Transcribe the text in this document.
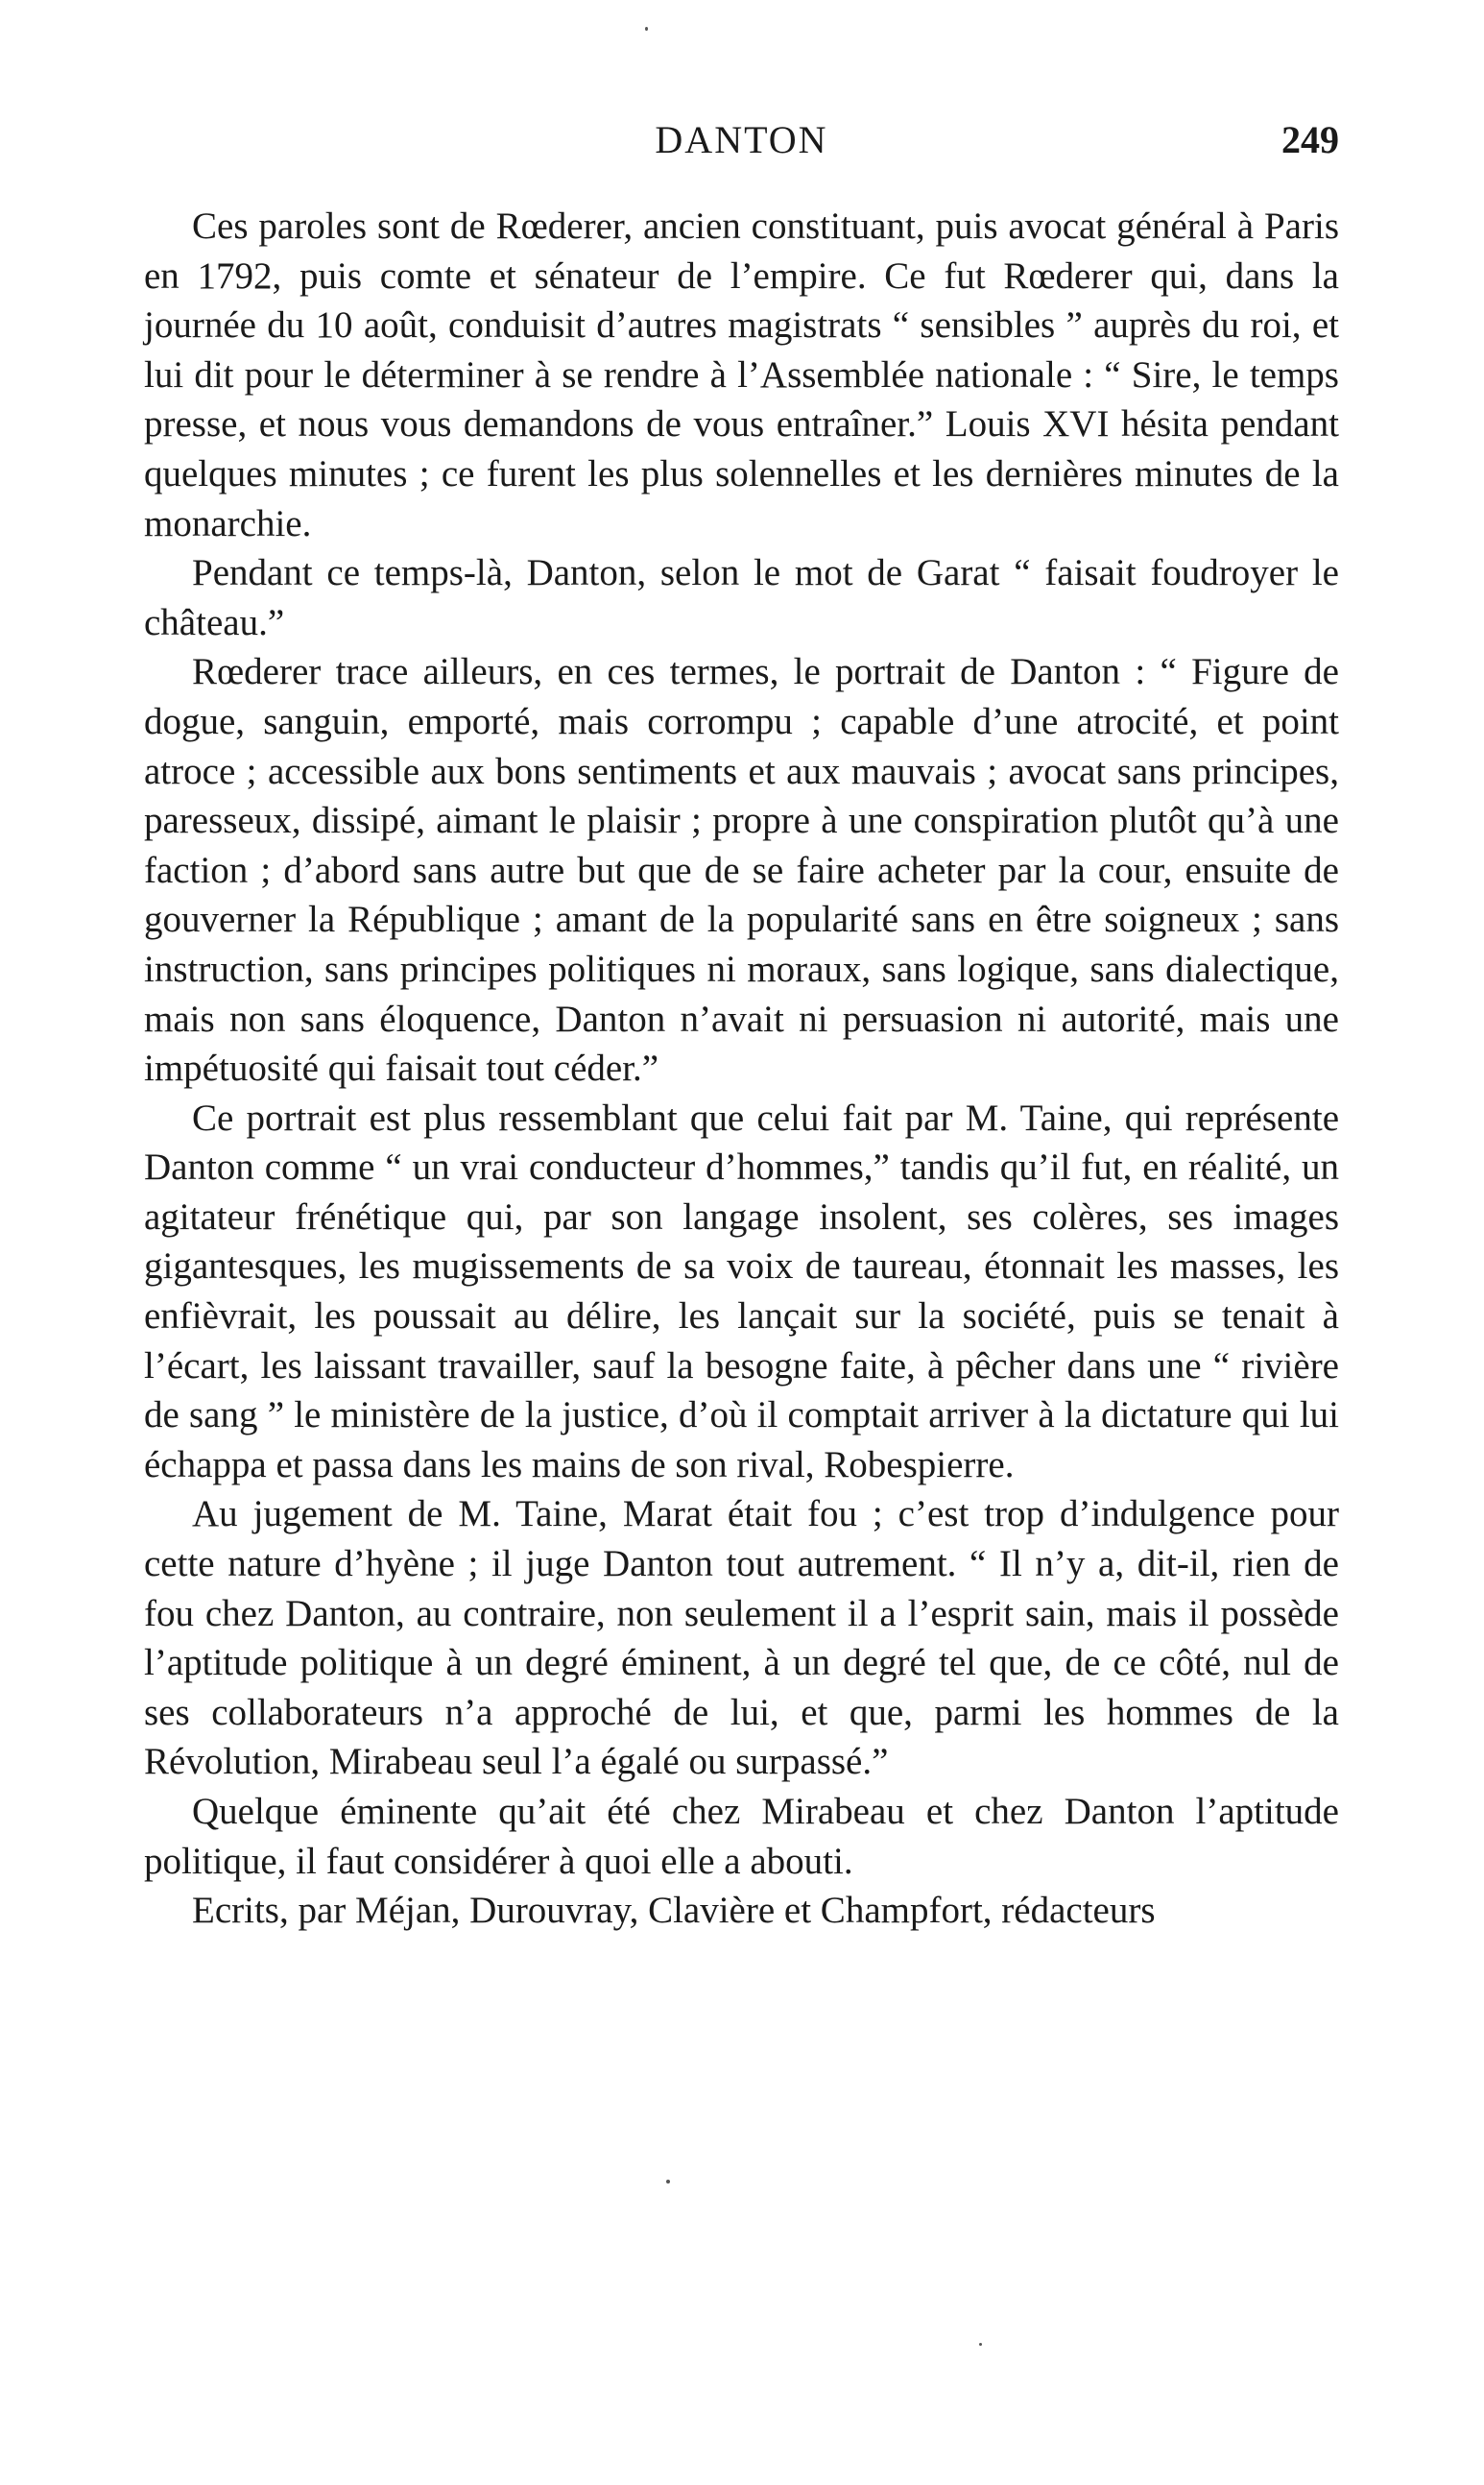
DANTON	249

Ces paroles sont de Rœderer, ancien constituant, puis avocat général à Paris en 1792, puis comte et sénateur de l’empire. Ce fut Rœderer qui, dans la journée du 10 août, conduisit d’autres magistrats “ sensibles ” auprès du roi, et lui dit pour le déterminer à se rendre à l’Assemblée nationale : “ Sire, le temps presse, et nous vous demandons de vous entraîner.” Louis XVI hésita pendant quelques minutes ; ce furent les plus solennelles et les dernières minutes de la monarchie.

Pendant ce temps-là, Danton, selon le mot de Garat “ faisait foudroyer le château.”

Rœderer trace ailleurs, en ces termes, le portrait de Danton : “ Figure de dogue, sanguin, emporté, mais corrompu ; capable d’une atrocité, et point atroce ; accessible aux bons sentiments et aux mauvais ; avocat sans principes, paresseux, dissipé, aimant le plaisir ; propre à une conspiration plutôt qu’à une faction ; d’abord sans autre but que de se faire acheter par la cour, ensuite de gouverner la République ; amant de la popularité sans en être soigneux ; sans instruction, sans principes politiques ni moraux, sans logique, sans dialectique, mais non sans éloquence, Danton n’avait ni persuasion ni autorité, mais une impétuosité qui faisait tout céder.”

Ce portrait est plus ressemblant que celui fait par M. Taine, qui représente Danton comme “ un vrai conducteur d’hommes,” tandis qu’il fut, en réalité, un agitateur frénétique qui, par son langage insolent, ses colères, ses images gigantesques, les mugissements de sa voix de taureau, étonnait les masses, les enfièvrait, les poussait au délire, les lançait sur la société, puis se tenait à l’écart, les laissant travailler, sauf la besogne faite, à pêcher dans une “ rivière de sang ” le ministère de la justice, d’où il comptait arriver à la dictature qui lui échappa et passa dans les mains de son rival, Robespierre.

Au jugement de M. Taine, Marat était fou ; c’est trop d’indulgence pour cette nature d’hyène ; il juge Danton tout autrement. “ Il n’y a, dit-il, rien de fou chez Danton, au contraire, non seulement il a l’esprit sain, mais il possède l’aptitude politique à un degré éminent, à un degré tel que, de ce côté, nul de ses collaborateurs n’a approché de lui, et que, parmi les hommes de la Révolution, Mirabeau seul l’a égalé ou surpassé.”

Quelque éminente qu’ait été chez Mirabeau et chez Danton l’aptitude politique, il faut considérer à quoi elle a abouti.

Ecrits, par Méjan, Durouvray, Clavière et Champfort, rédacteurs
